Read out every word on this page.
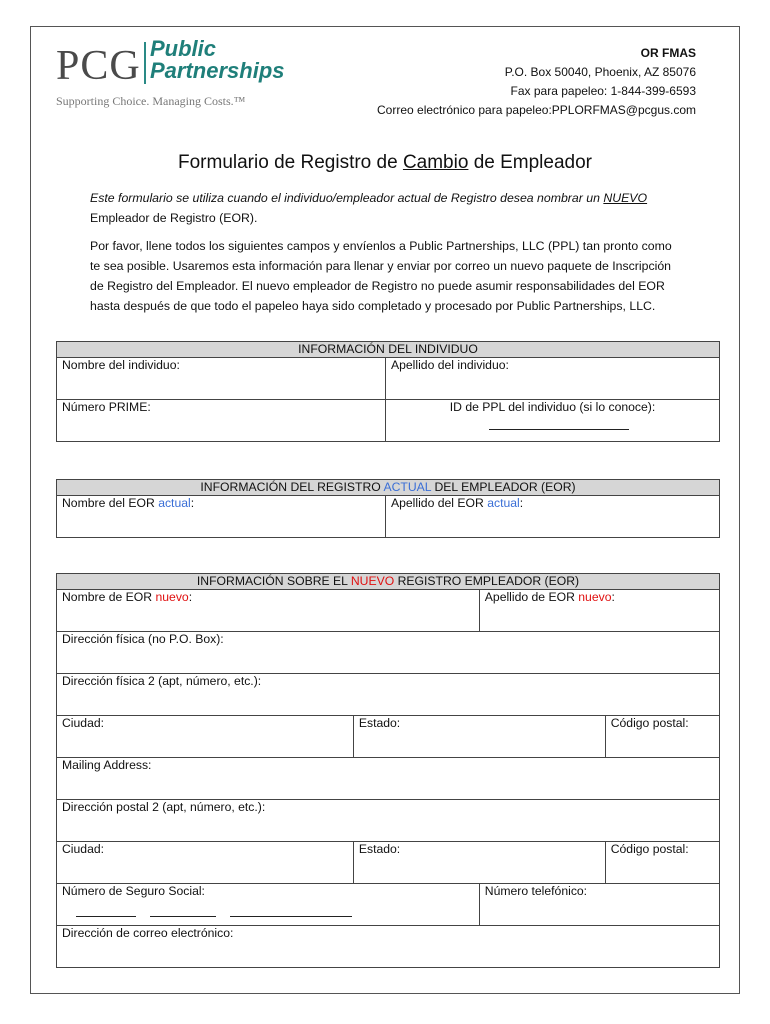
PCG Public
Partnerships
Supporting Choice. Managing Costs.™
OR FMAS
P.O. Box 50040, Phoenix, AZ 85076
Fax para papeleo: 1-844-399-6593
Correo electrónico para papeleo:PPLORFMAS@pcgus.com
Formulario de Registro de Cambio de Empleador
Este formulario se utiliza cuando el individuo/empleador actual de Registro desea nombrar un NUEVO
Empleador de Registro (EOR).
Por favor, llene todos los siguientes campos y envíenlos a Public Partnerships, LLC (PPL) tan pronto como te sea posible. Usaremos esta información para llenar y enviar por correo un nuevo paquete de Inscripción de Registro del Empleador. El nuevo empleador de Registro no puede asumir responsabilidades del EOR hasta después de que todo el papeleo haya sido completado y procesado por Public Partnerships, LLC.
INFORMACIÓN DEL INDIVIDUO	
Nombre del individuo:	Apellido del individuo:
Número PRIME:	ID de PPL del individuo (si lo conoce):
INFORMACIÓN DEL REGISTRO ACTUAL DEL EMPLEADOR (EOR)
Nombre del EOR actual:	Apellido del EOR actual:
INFORMACIÓN SOBRE EL NUEVO REGISTRO EMPLEADOR (EOR)			
Nombre de EOR nuevo:		Apellido de EOR nuevo:	
Dirección física (no P.O. Box):			
Dirección física 2 (apt, número, etc.):			
Ciudad:	Estado:		Código postal:
Mailing Address:			
Dirección postal 2 (apt, número, etc.):			
Ciudad:	Estado:		Código postal:
Número de Seguro Social:		Número telefónico:	
Dirección de correo electrónico:			
